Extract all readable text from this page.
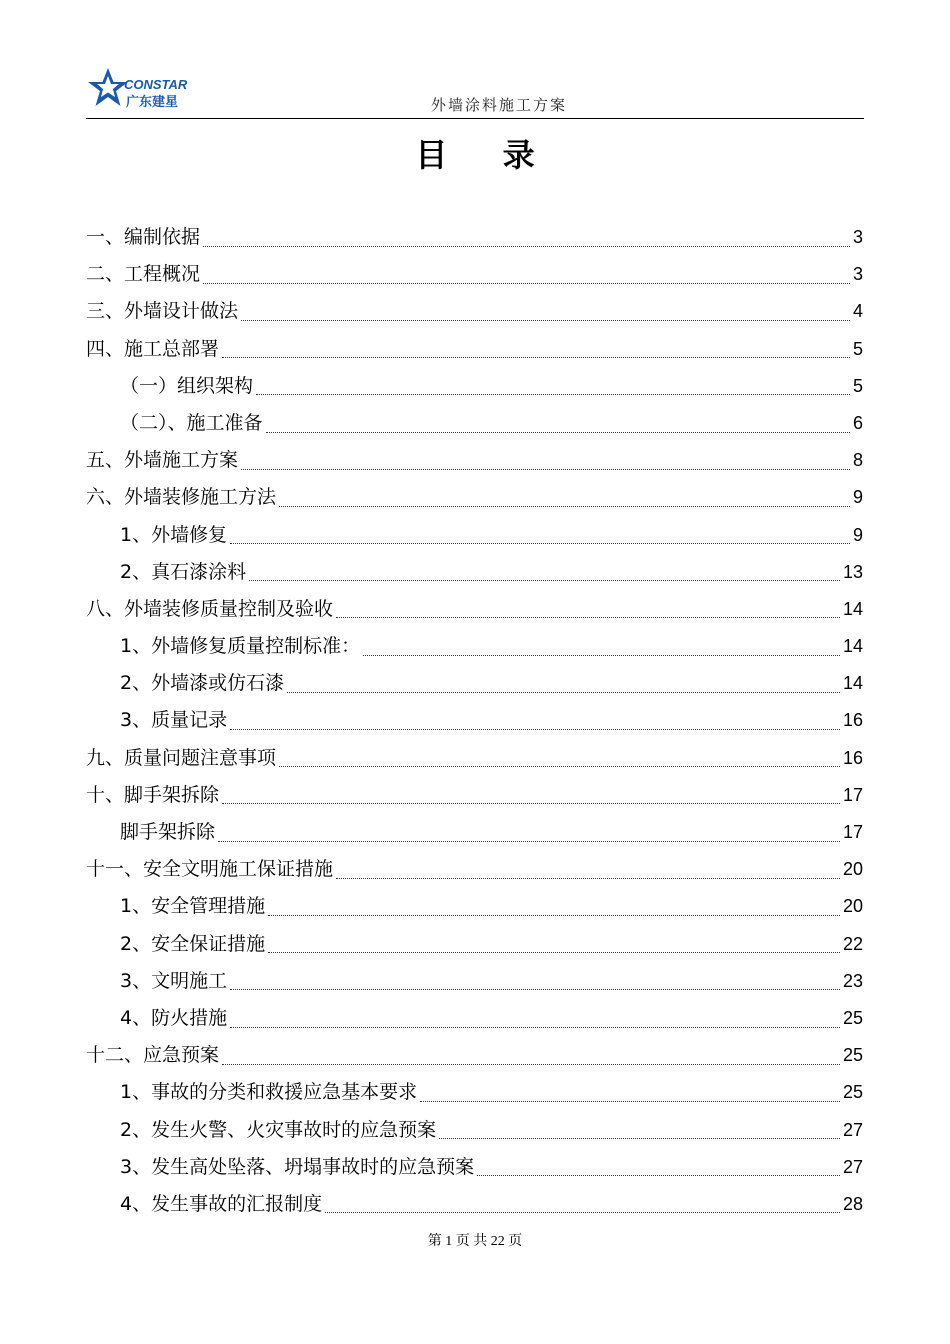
CONSTAR
广东建星	外墙涂料施工方案
目 录
一、编制依据	3
二、工程概况	3
三、外墙设计做法	4
四、施工总部署	5
（一）组织架构	5
（二）、施工准备	6
五、外墙施工方案	8
六、外墙装修施工方法	9
1、外墙修复	9
2、真石漆涂料	13
八、外墙装修质量控制及验收	14
1、外墙修复质量控制标准：	14
2、外墙漆或仿石漆	14
3、质量记录	16
九、质量问题注意事项	16
十、脚手架拆除	17
脚手架拆除	17
十一、安全文明施工保证措施	20
1、安全管理措施	20
2、安全保证措施	22
3、文明施工	23
4、防火措施	25
十二、应急预案	25
1、事故的分类和救援应急基本要求	25
2、发生火警、火灾事故时的应急预案	27
3、发生高处坠落、坍塌事故时的应急预案	27
4、发生事故的汇报制度	28
第 1 页 共 22 页
